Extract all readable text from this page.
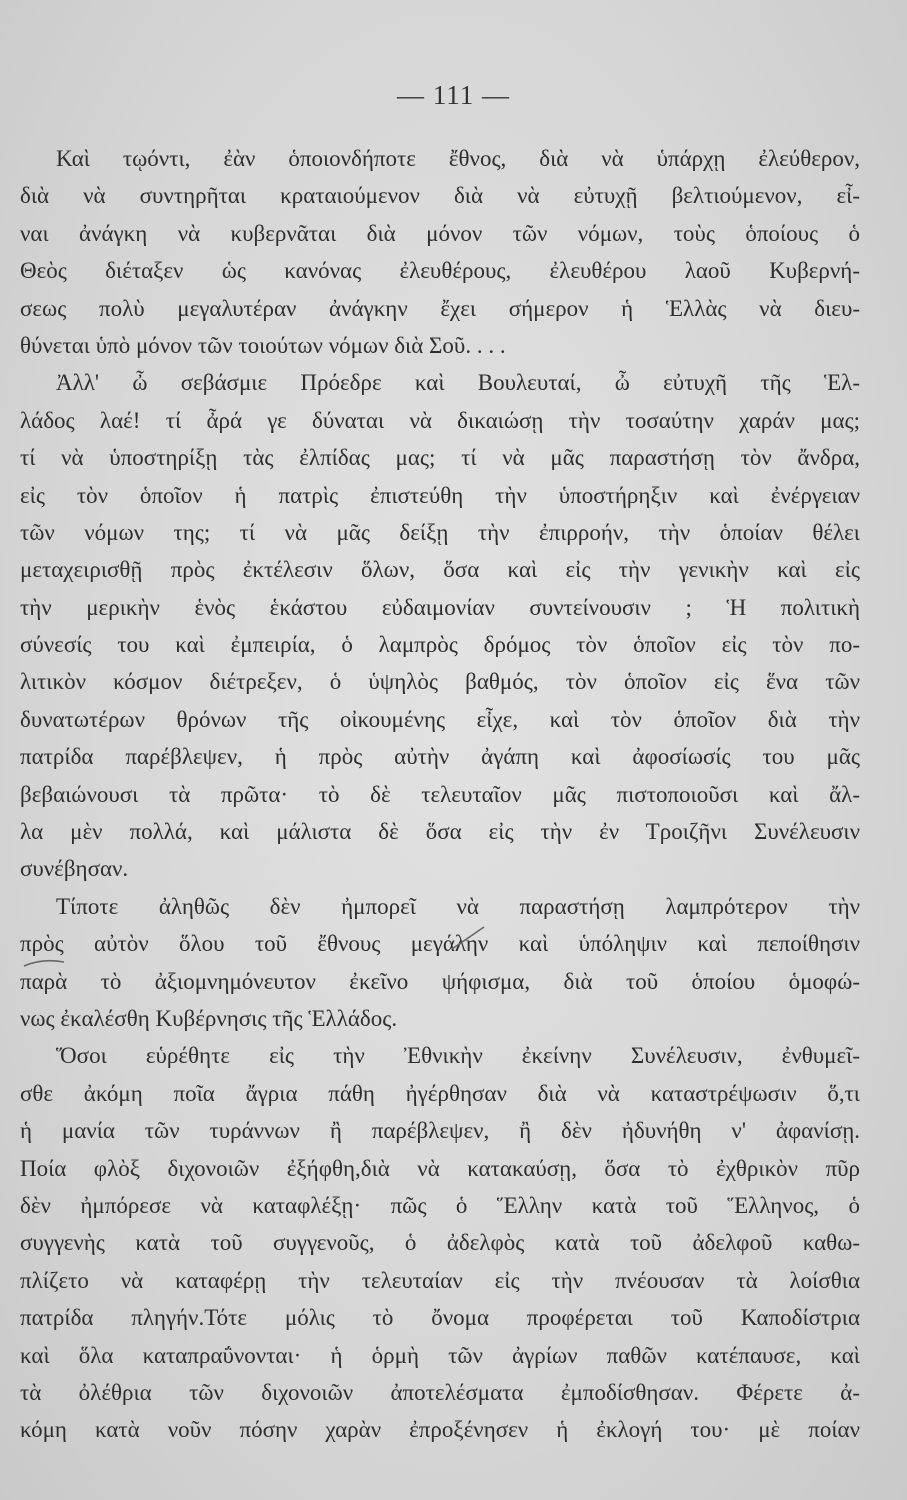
— 111 —
Καὶ τῳόντι, ἐὰν ὁποιονδήποτε ἔθνος, διὰ νὰ ὑπάρχῃ ἐλεύθερον,
διὰ νὰ συντηρῆται κραταιούμενον διὰ νὰ εὐτυχῇ βελτιούμενον, εἶ-
ναι ἀνάγκη νὰ κυβερνᾶται διὰ μόνον τῶν νόμων, τοὺς ὁποίους ὁ
Θεὸς διέταξεν ὡς κανόνας ἐλευθέρους, ἐλευθέρου λαοῦ Κυβερνή-
σεως πολὺ μεγαλυτέραν ἀνάγκην ἔχει σήμερον ἡ Ἑλλὰς νὰ διευ-
θύνεται ὑπὸ μόνον τῶν τοιούτων νόμων διὰ Σοῦ. . . .
Ἀλλ' ὦ σεβάσμιε Πρόεδρε καὶ Βουλευταί, ὦ εὐτυχῆ τῆς Ἑλ-
λάδος λαέ! τί ἆρά γε δύναται νὰ δικαιώσῃ τὴν τοσαύτην χαράν μας;
τί νὰ ὑποστηρίξῃ τὰς ἐλπίδας μας; τί νὰ μᾶς παραστήσῃ τὸν ἄνδρα,
εἰς τὸν ὁποῖον ἡ πατρὶς ἐπιστεύθη τὴν ὑποστήρηξιν καὶ ἐνέργειαν
τῶν νόμων της; τί νὰ μᾶς δείξῃ τὴν ἐπιρροήν, τὴν ὁποίαν θέλει
μεταχειρισθῇ πρὸς ἐκτέλεσιν ὅλων, ὅσα καὶ εἰς τὴν γενικὴν καὶ εἰς
τὴν μερικὴν ἑνὸς ἑκάστου εὐδαιμονίαν συντείνουσιν ; Ἡ πολιτικὴ
σύνεσίς του καὶ ἐμπειρία, ὁ λαμπρὸς δρόμος τὸν ὁποῖον εἰς τὸν πο-
λιτικὸν κόσμον διέτρεξεν, ὁ ὑψηλὸς βαθμός, τὸν ὁποῖον εἰς ἕνα τῶν
δυνατωτέρων θρόνων τῆς οἰκουμένης εἶχε, καὶ τὸν ὁποῖον διὰ τὴν
πατρίδα παρέβλεψεν, ἡ πρὸς αὐτὴν ἀγάπη καὶ ἀφοσίωσίς του μᾶς
βεβαιώνουσι τὰ πρῶτα· τὸ δὲ τελευταῖον μᾶς πιστοποιοῦσι καὶ ἄλ-
λα μὲν πολλά, καὶ μάλιστα δὲ ὅσα εἰς τὴν ἐν Τροιζῆνι Συνέλευσιν
συνέβησαν.
Τίποτε ἀληθῶς δὲν ἠμπορεῖ νὰ παραστήσῃ λαμπρότερον τὴν
πρὸς αὐτὸν ὅλου τοῦ ἔθνους μεγάλην καὶ ὑπόληψιν καὶ πεποίθησιν
παρὰ τὸ ἀξιομνημόνευτον ἐκεῖνο ψήφισμα, διὰ τοῦ ὁποίου ὁμοφώ-
νως ἐκαλέσθη Κυβέρνησις τῆς Ἑλλάδος.
Ὅσοι εὑρέθητε εἰς τὴν Ἐθνικὴν ἐκείνην Συνέλευσιν, ἐνθυμεῖ-
σθε ἀκόμη ποῖα ἄγρια πάθη ἠγέρθησαν διὰ νὰ καταστρέψωσιν ὅ,τι
ἡ μανία τῶν τυράννων ἢ παρέβλεψεν, ἢ δὲν ἠδυνήθη ν' ἀφανίσῃ.
Ποία φλὸξ διχονοιῶν ἐξήφθη,διὰ νὰ κατακαύσῃ, ὅσα τὸ ἐχθρικὸν πῦρ
δὲν ἠμπόρεσε νὰ καταφλέξῃ· πῶς ὁ Ἕλλην κατὰ τοῦ Ἕλληνος, ὁ
συγγενὴς κατὰ τοῦ συγγενοῦς, ὁ ἀδελφὸς κατὰ τοῦ ἀδελφοῦ καθω-
πλίζετο νὰ καταφέρῃ τὴν τελευταίαν εἰς τὴν πνέουσαν τὰ λοίσθια
πατρίδα πληγήν.Τότε μόλις τὸ ὄνομα προφέρεται τοῦ Καποδίστρια
καὶ ὅλα καταπραΰνονται· ἡ ὁρμὴ τῶν ἀγρίων παθῶν κατέπαυσε, καὶ
τὰ ὀλέθρια τῶν διχονοιῶν ἀποτελέσματα ἐμποδίσθησαν. Φέρετε ἀ-
κόμη κατὰ νοῦν πόσην χαρὰν ἐπροξένησεν ἡ ἐκλογή του· μὲ ποίαν
